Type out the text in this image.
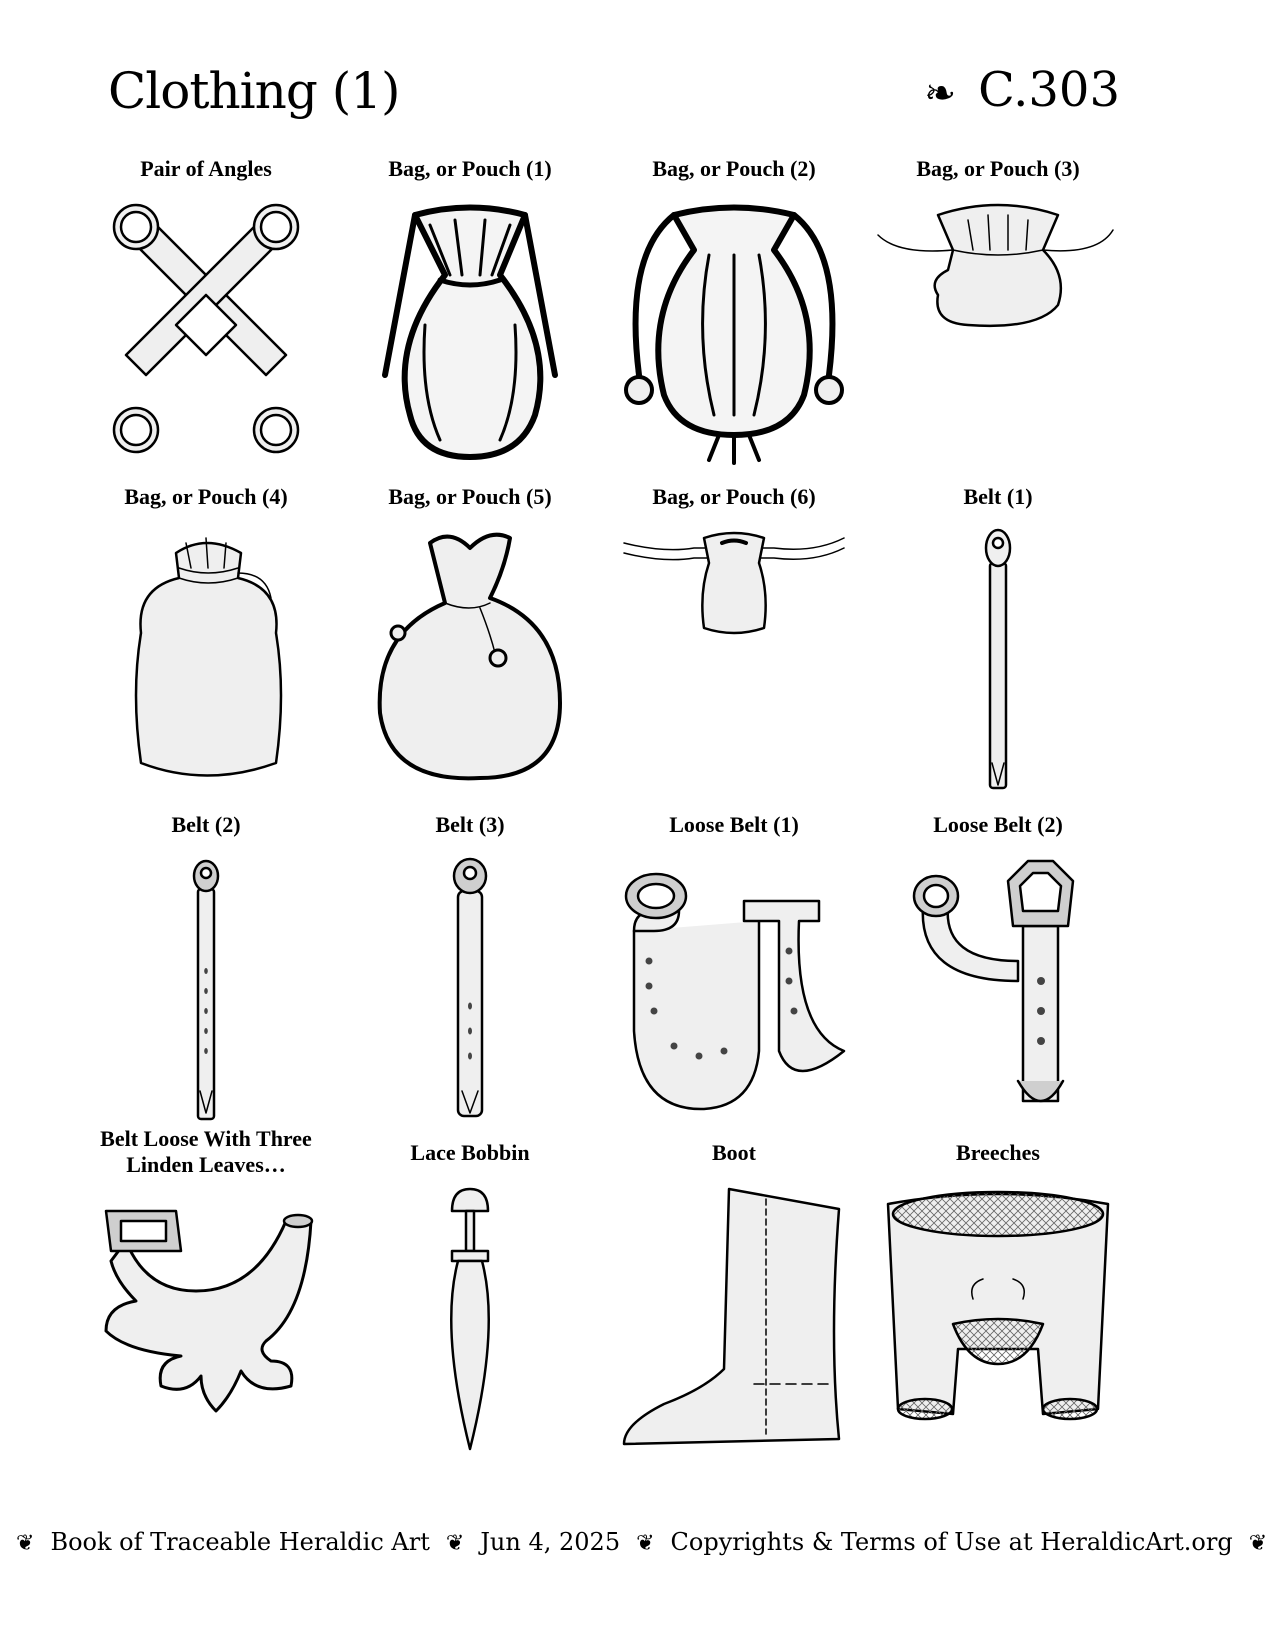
Clothing (1)	❧ C.303
Pair of Angles	Bag, or Pouch (1)	Bag, or Pouch (2)	Bag, or Pouch (3)
Bag, or Pouch (4)	Bag, or Pouch (5)	Bag, or Pouch (6)	Belt (1)
Belt (2)	Belt (3)	Loose Belt (1)	Loose Belt (2)
Belt Loose With Three Linden Leaves…	Lace Bobbin	Boot	Breeches
❦ Book of Traceable Heraldic Art ❦ Jun 4, 2025 ❦ Copyrights & Terms of Use at HeraldicArt.org ❦
